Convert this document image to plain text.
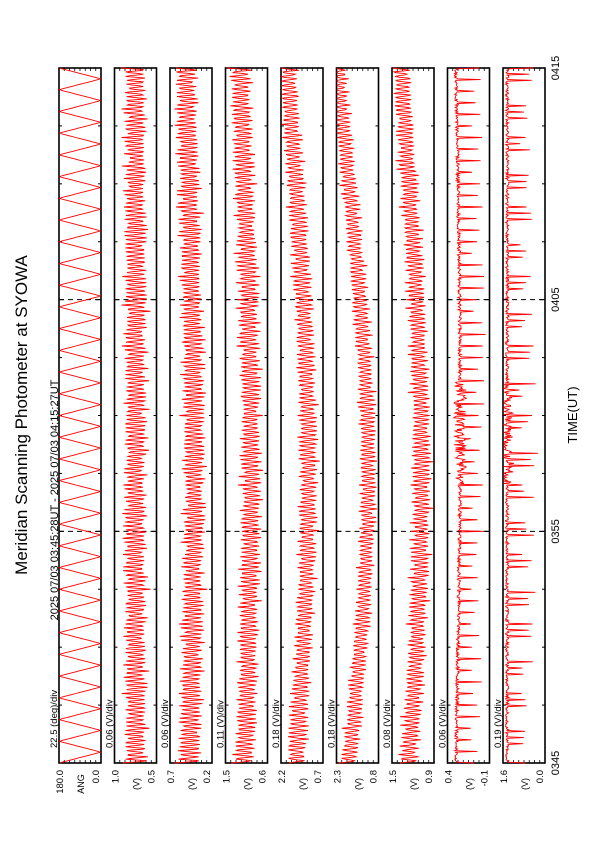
Meridian Scanning Photometer at SYOWA 2025 07/03 03:45:28UT - 2025 07/03 04:15:27UT	TIME(UT)
180.0	0.0
ANG
22.5 (deg)/div
1.0	0.5
(V)
0.06 (V)/div
0.7	0.2
(V)
0.06 (V)/div
1.5	0.6
(V)
0.11 (V)/div
2.2	0.7
(V)
0.18 (V)/div
2.3	0.8
(V)
0.18 (V)/div
1.5	0.9
(V)
0.08 (V)/div
0.4	-0.1
(V)
0.06 (V)/div
1.6	0.0
(V)
0.19 (V)/div
0345
0355
0405
0415
